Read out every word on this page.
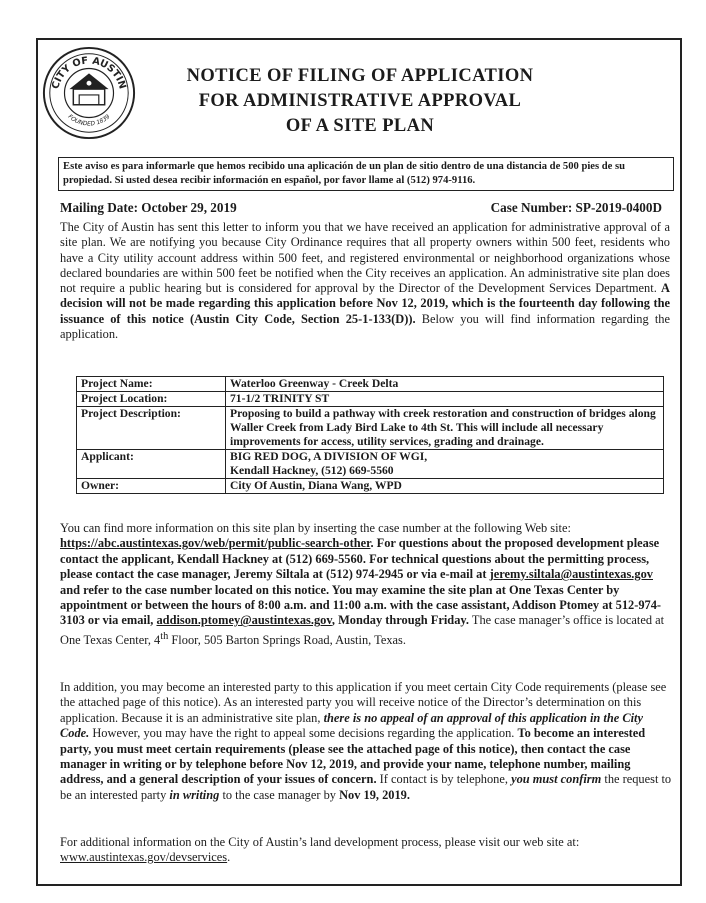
CITY OF AUSTIN
FOUNDED 1839
NOTICE OF FILING OF APPLICATION
FOR ADMINISTRATIVE APPROVAL
OF A SITE PLAN
Este aviso es para informarle que hemos recibido una aplicación de un plan de sitio dentro de una distancia de 500 pies de su propiedad. Si usted desea recibir información en español, por favor llame al (512) 974-9116.
Mailing Date: October 29, 2019	Case Number: SP-2019-0400D

The City of Austin has sent this letter to inform you that we have received an application for administrative approval of a site plan. We are notifying you because City Ordinance requires that all property owners within 500 feet, residents who have a City utility account address within 500 feet, and registered environmental or neighborhood organizations whose declared boundaries are within 500 feet be notified when the City receives an application. An administrative site plan does not require a public hearing but is considered for approval by the Director of the Development Services Department. A decision will not be made regarding this application before Nov 12, 2019, which is the fourteenth day following the issuance of this notice (Austin City Code, Section 25-1-133(D)). Below you will find information regarding the application.

Project Name:	Waterloo Greenway - Creek Delta
Project Location:	71-1/2 TRINITY ST
Project Description:	Proposing to build a pathway with creek restoration and construction of bridges along Waller Creek from Lady Bird Lake to 4th St. This will include all necessary improvements for access, utility services, grading and drainage.
Applicant:	BIG RED DOG, A DIVISION OF WGI,
Kendall Hackney, (512) 669-5560

Owner:	City Of Austin, Diana Wang, WPD

You can find more information on this site plan by inserting the case number at the following Web site: https://abc.austintexas.gov/web/permit/public-search-other. For questions about the proposed development please contact the applicant, Kendall Hackney at (512) 669-5560. For technical questions about the permitting process, please contact the case manager, Jeremy Siltala at (512) 974-2945 or via e-mail at jeremy.siltala@austintexas.gov and refer to the case number located on this notice. You may examine the site plan at One Texas Center by appointment or between the hours of 8:00 a.m. and 11:00 a.m. with the case assistant, Addison Ptomey at 512-974-3103 or via email, addison.ptomey@austintexas.gov, Monday through Friday. The case manager’s office is located at One Texas Center, 4th Floor, 505 Barton Springs Road, Austin, Texas.

In addition, you may become an interested party to this application if you meet certain City Code requirements (please see the attached page of this notice). As an interested party you will receive notice of the Director’s determination on this application. Because it is an administrative site plan, there is no appeal of an approval of this application in the City Code. However, you may have the right to appeal some decisions regarding the application. To become an interested party, you must meet certain requirements (please see the attached page of this notice), then contact the case manager in writing or by telephone before Nov 12, 2019, and provide your name, telephone number, mailing address, and a general description of your issues of concern. If contact is by telephone, you must confirm the request to be an interested party in writing to the case manager by Nov 19, 2019.

For additional information on the City of Austin’s land development process, please visit our web site at: www.austintexas.gov/devservices.
